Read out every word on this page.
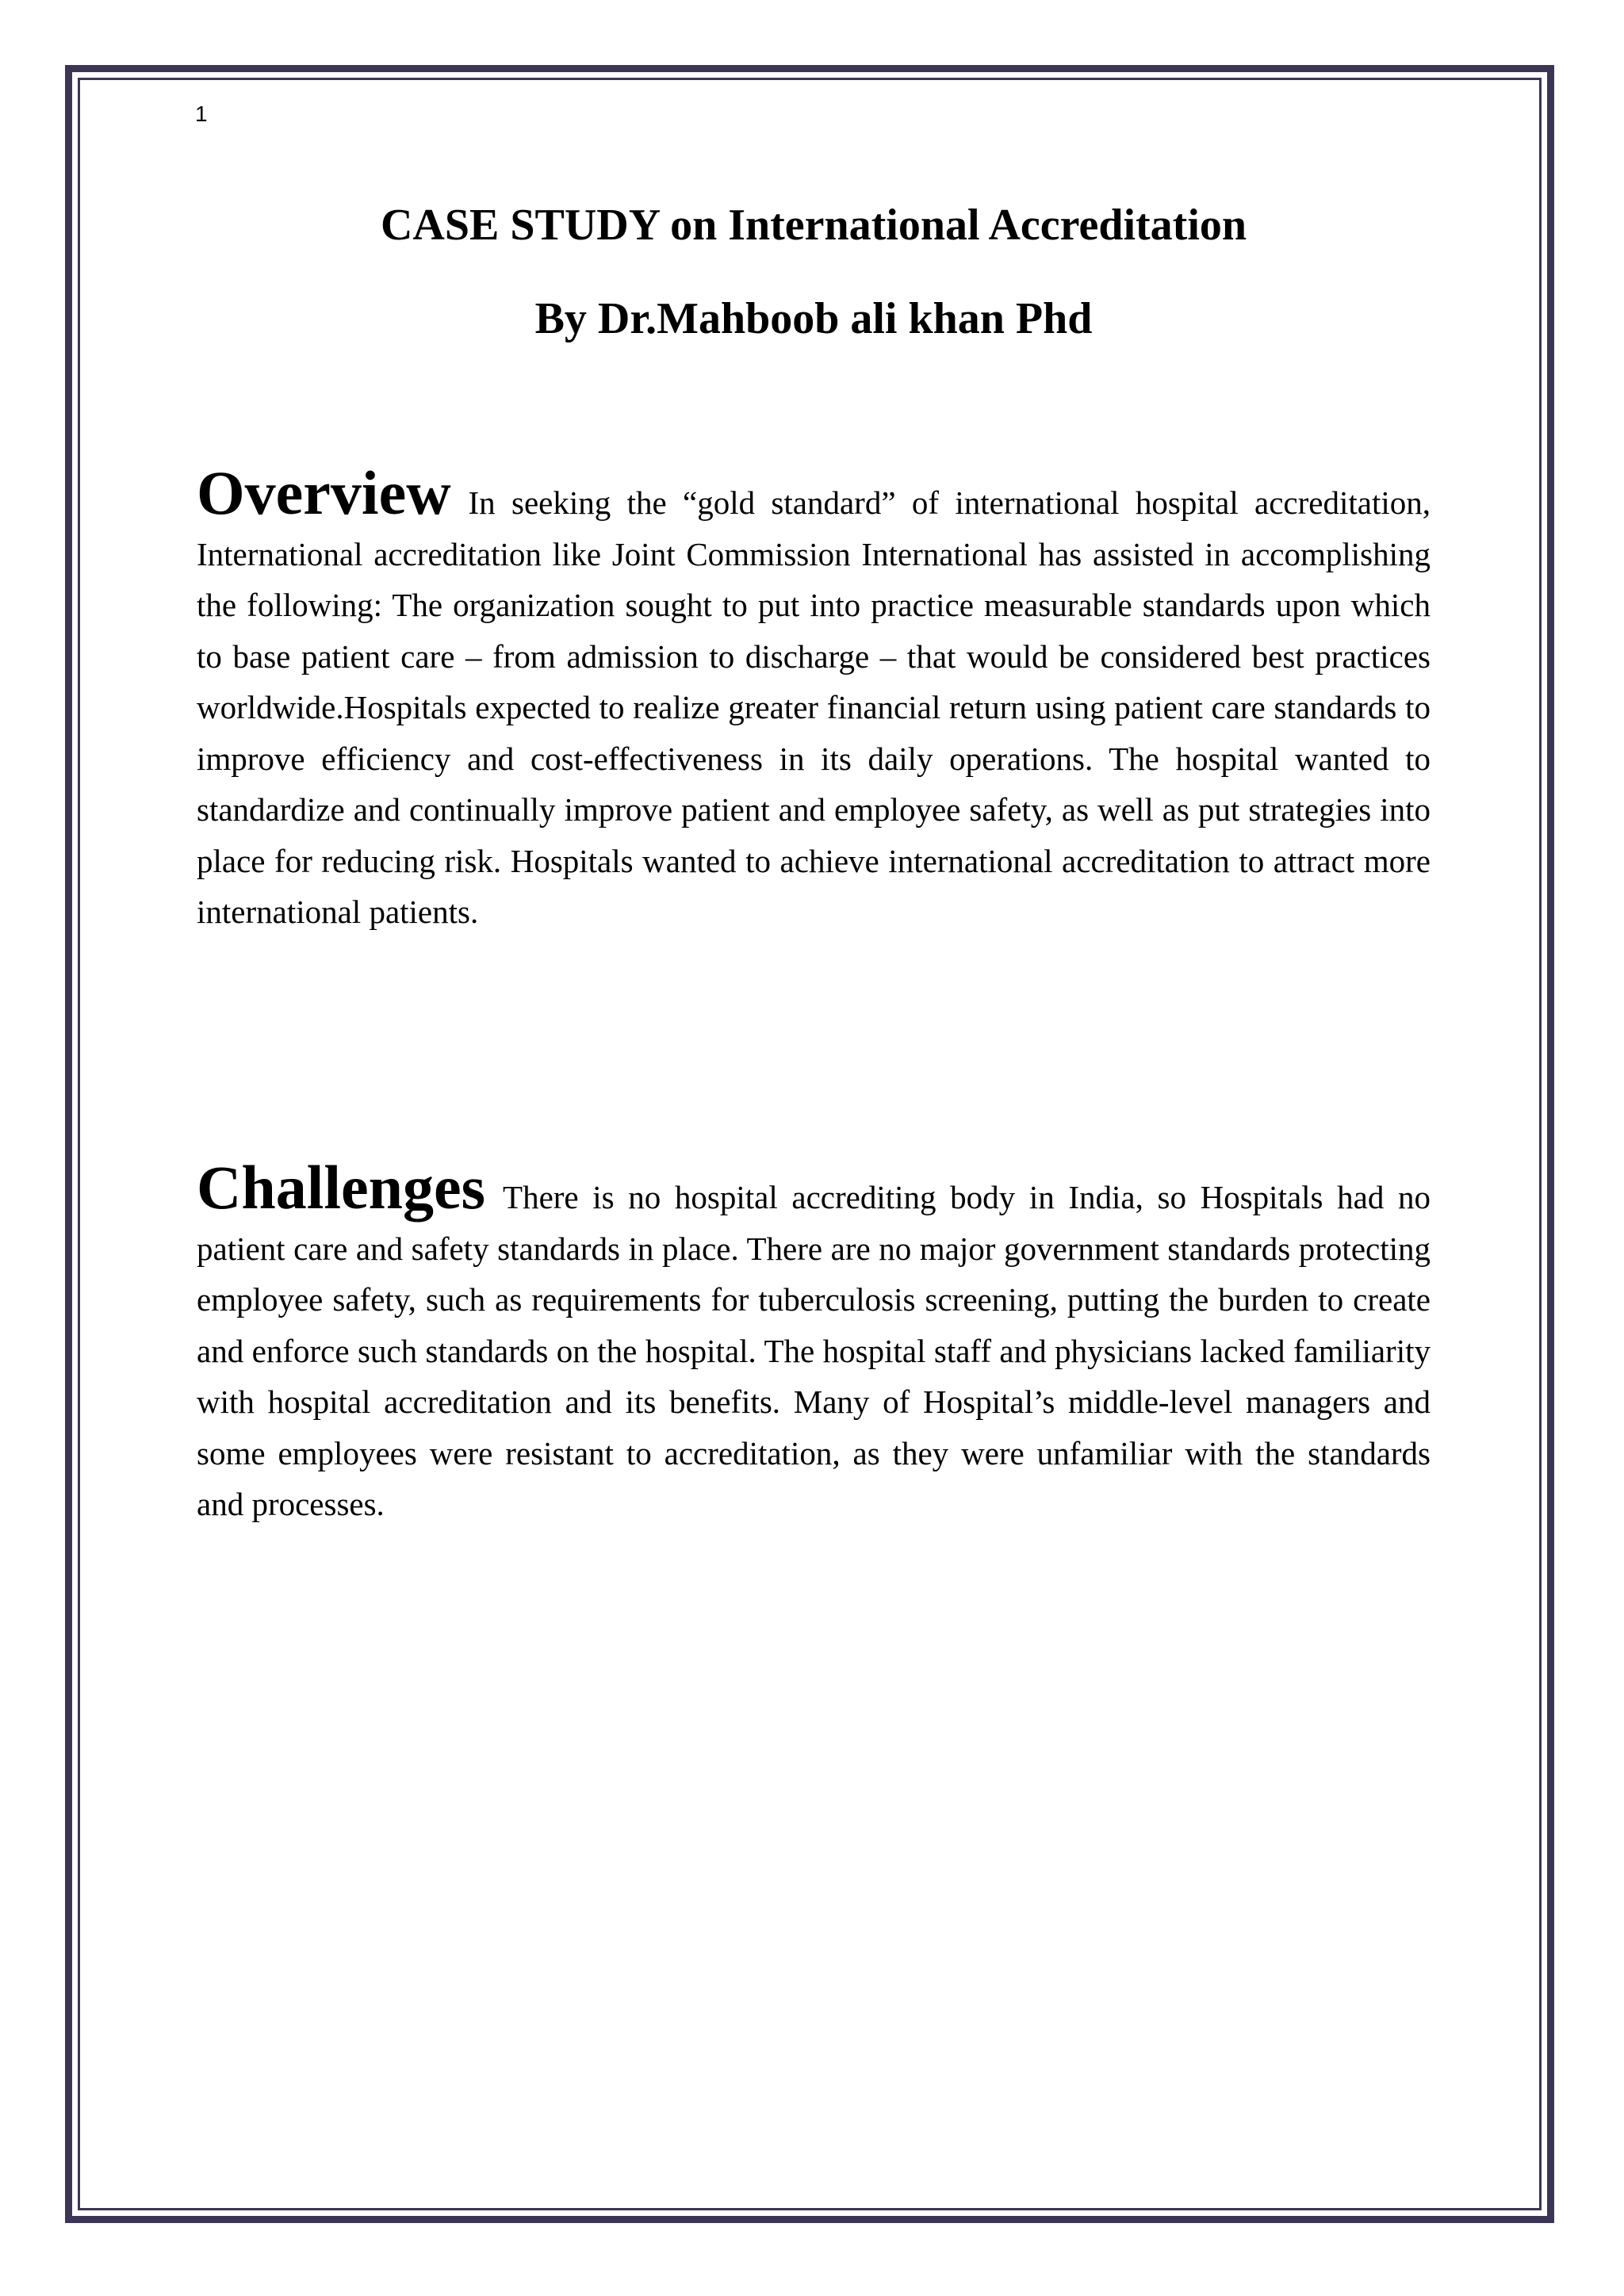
1
CASE STUDY on International Accreditation
By Dr.Mahboob ali khan Phd

Overview In seeking the “gold standard” of international hospital accreditation, International accreditation like Joint Commission International has assisted in accomplishing the following: The organization sought to put into practice measurable standards upon which to base patient care – from admission to discharge – that would be considered best practices worldwide.Hospitals expected to realize greater financial return using patient care standards to improve efficiency and cost-effectiveness in its daily operations. The hospital wanted to standardize and continually improve patient and employee safety, as well as put strategies into place for reducing risk. Hospitals wanted to achieve international accreditation to attract more international patients.

Challenges There is no hospital accrediting body in India, so Hospitals had no patient care and safety standards in place. There are no major government standards protecting employee safety, such as requirements for tuberculosis screening, putting the burden to create and enforce such standards on the hospital. The hospital staff and physicians lacked familiarity with hospital accreditation and its benefits. Many of Hospital’s middle-level managers and some employees were resistant to accreditation, as they were unfamiliar with the standards and processes.
